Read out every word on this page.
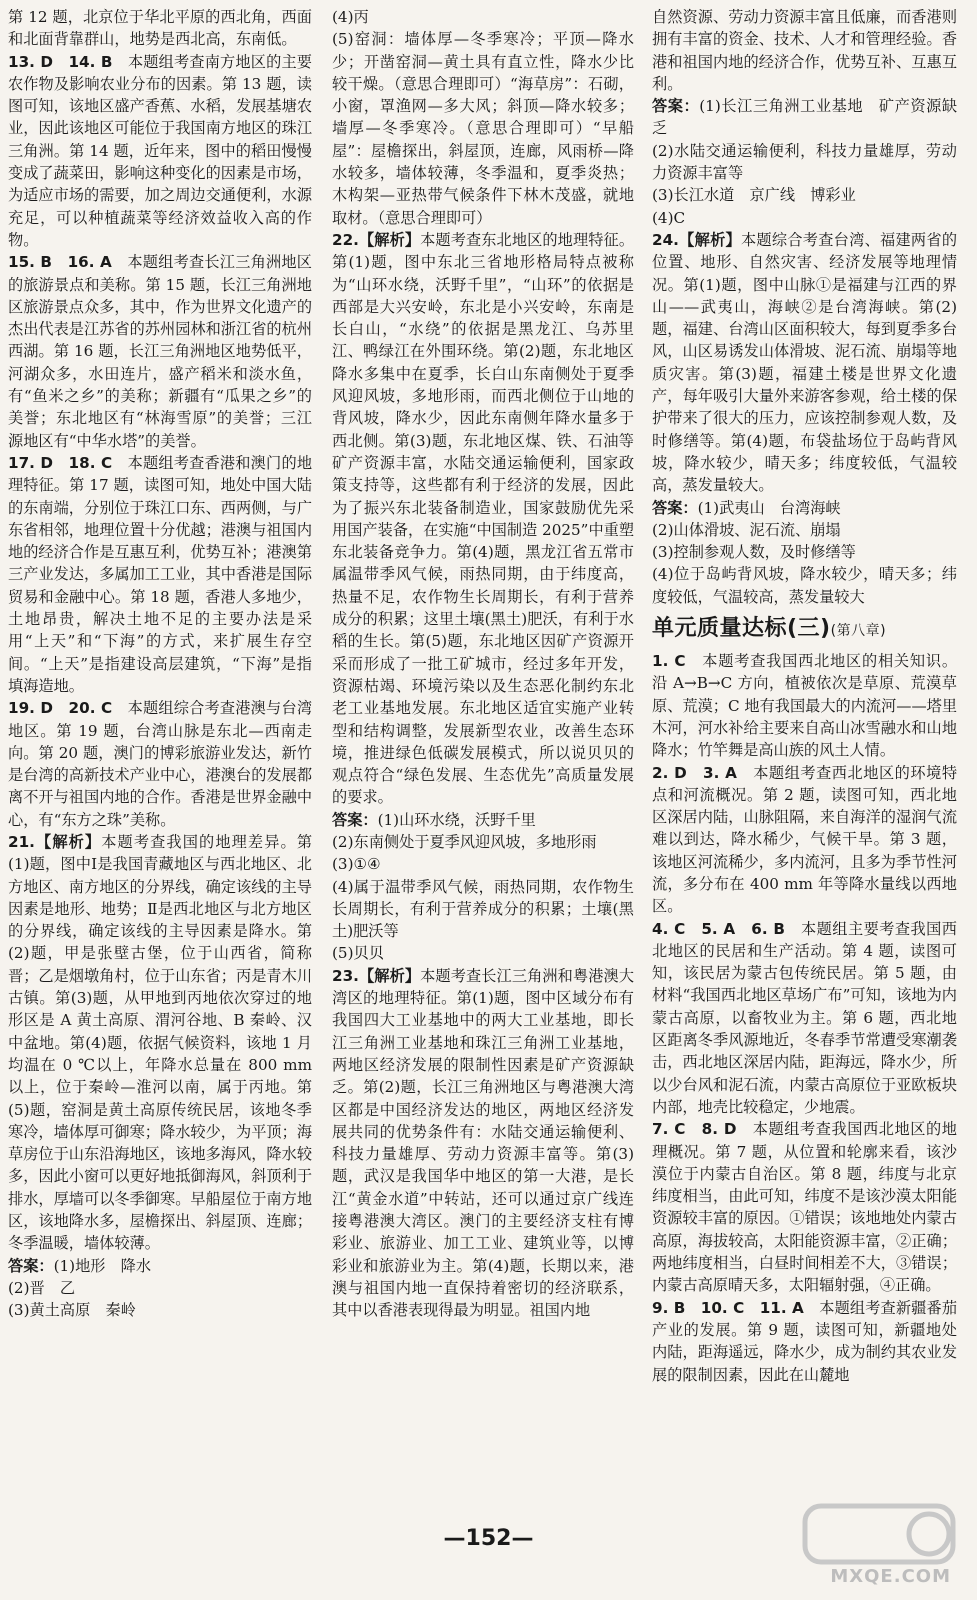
第 12 题，北京位于华北平原的西北角，西面和北面背靠群山，地势是西北高，东南低。

13. D　14. B　本题组考查南方地区的主要农作物及影响农业分布的因素。第 13 题，读图可知，该地区盛产香蕉、水稻，发展基塘农业，因此该地区可能位于我国南方地区的珠江三角洲。第 14 题，近年来，图中的稻田慢慢变成了蔬菜田，影响这种变化的因素是市场，为适应市场的需要，加之周边交通便利，水源充足，可以种植蔬菜等经济效益收入高的作物。

15. B　16. A　本题组考查长江三角洲地区的旅游景点和美称。第 15 题，长江三角洲地区旅游景点众多，其中，作为世界文化遗产的杰出代表是江苏省的苏州园林和浙江省的杭州西湖。第 16 题，长江三角洲地区地势低平，河湖众多，水田连片，盛产稻米和淡水鱼，有“鱼米之乡”的美称；新疆有“瓜果之乡”的美誉；东北地区有“林海雪原”的美誉；三江源地区有“中华水塔”的美誉。

17. D　18. C　本题组考查香港和澳门的地理特征。第 17 题，读图可知，地处中国大陆的东南端，分别位于珠江口东、西两侧，与广东省相邻，地理位置十分优越；港澳与祖国内地的经济合作是互惠互利，优势互补；港澳第三产业发达，多属加工工业，其中香港是国际贸易和金融中心。第 18 题，香港人多地少，土地昂贵，解决土地不足的主要办法是采用“上天”和“下海”的方式，来扩展生存空间。“上天”是指建设高层建筑，“下海”是指填海造地。

19. D　20. C　本题组综合考查港澳与台湾地区。第 19 题，台湾山脉是东北—西南走向。第 20 题，澳门的博彩旅游业发达，新竹是台湾的高新技术产业中心，港澳台的发展都离不开与祖国内地的合作。香港是世界金融中心，有“东方之珠”美称。

21.【解析】本题考查我国的地理差异。第(1)题，图中Ⅰ是我国青藏地区与西北地区、北方地区、南方地区的分界线，确定该线的主导因素是地形、地势；Ⅱ是西北地区与北方地区的分界线，确定该线的主导因素是降水。第(2)题，甲是张壁古堡，位于山西省，简称晋；乙是烟墩角村，位于山东省；丙是青木川古镇。第(3)题，从甲地到丙地依次穿过的地形区是 A 黄土高原、渭河谷地、B 秦岭、汉中盆地。第(4)题，依据气候资料，该地 1 月均温在 0 ℃以上，年降水总量在 800 mm 以上，位于秦岭—淮河以南，属于丙地。第(5)题，窑洞是黄土高原传统民居，该地冬季寒冷，墙体厚可御寒；降水较少，为平顶；海草房位于山东沿海地区，该地多海风，降水较多，因此小窗可以更好地抵御海风，斜顶利于排水，厚墙可以冬季御寒。早船屋位于南方地区，该地降水多，屋檐探出、斜屋顶、连廊；冬季温暖，墙体较薄。

答案：(1)地形　降水

(2)晋　乙

(3)黄土高原　秦岭

(4)丙

(5)窑洞：墙体厚—冬季寒冷；平顶—降水少；开凿窑洞—黄土具有直立性，降水少比较干燥。（意思合理即可）“海草房”：石砌，小窗，罩渔网—多大风；斜顶—降水较多；墙厚—冬季寒冷。（意思合理即可）“早船屋”：屋檐探出，斜屋顶，连廊，风雨桥—降水较多，墙体较薄，冬季温和，夏季炎热；木构架—亚热带气候条件下林木茂盛，就地取材。（意思合理即可）

22.【解析】本题考查东北地区的地理特征。第(1)题，图中东北三省地形格局特点被称为“山环水绕，沃野千里”，“山环”的依据是西部是大兴安岭，东北是小兴安岭，东南是长白山，“水绕”的依据是黑龙江、乌苏里江、鸭绿江在外围环绕。第(2)题，东北地区降水多集中在夏季，长白山东南侧处于夏季风迎风坡，多地形雨，而西北侧位于山地的背风坡，降水少，因此东南侧年降水量多于西北侧。第(3)题，东北地区煤、铁、石油等矿产资源丰富，水陆交通运输便利，国家政策支持等，这些都有利于经济的发展，因此为了振兴东北装备制造业，国家鼓励优先采用国产装备，在实施“中国制造 2025”中重塑东北装备竞争力。第(4)题，黑龙江省五常市属温带季风气候，雨热同期，由于纬度高，热量不足，农作物生长周期长，有利于营养成分的积累；这里土壤(黑土)肥沃，有利于水稻的生长。第(5)题，东北地区因矿产资源开采而形成了一批工矿城市，经过多年开发，资源枯竭、环境污染以及生态恶化制约东北老工业基地发展。东北地区适宜实施产业转型和结构调整，发展新型农业，改善生态环境，推进绿色低碳发展模式，所以说贝贝的观点符合“绿色发展、生态优先”高质量发展的要求。

答案：(1)山环水绕，沃野千里

(2)东南侧处于夏季风迎风坡，多地形雨

(3)①④

(4)属于温带季风气候，雨热同期，农作物生长周期长，有利于营养成分的积累；土壤(黑土)肥沃等

(5)贝贝

23.【解析】本题考查长江三角洲和粤港澳大湾区的地理特征。第(1)题，图中区域分布有我国四大工业基地中的两大工业基地，即长江三角洲工业基地和珠江三角洲工业基地，两地区经济发展的限制性因素是矿产资源缺乏。第(2)题，长江三角洲地区与粤港澳大湾区都是中国经济发达的地区，两地区经济发展共同的优势条件有：水陆交通运输便利、科技力量雄厚、劳动力资源丰富等。第(3)题，武汉是我国华中地区的第一大港，是长江“黄金水道”中转站，还可以通过京广线连接粤港澳大湾区。澳门的主要经济支柱有博彩业、旅游业、加工工业、建筑业等，以博彩业和旅游业为主。第(4)题，长期以来，港澳与祖国内地一直保持着密切的经济联系，其中以香港表现得最为明显。祖国内地

自然资源、劳动力资源丰富且低廉，而香港则拥有丰富的资金、技术、人才和管理经验。香港和祖国内地的经济合作，优势互补、互惠互利。

答案：(1)长江三角洲工业基地　矿产资源缺乏

(2)水陆交通运输便利，科技力量雄厚，劳动力资源丰富等

(3)长江水道　京广线　博彩业

(4)C

24.【解析】本题综合考查台湾、福建两省的位置、地形、自然灾害、经济发展等地理情况。第(1)题，图中山脉①是福建与江西的界山——武夷山，海峡②是台湾海峡。第(2)题，福建、台湾山区面积较大，每到夏季多台风，山区易诱发山体滑坡、泥石流、崩塌等地质灾害。第(3)题，福建土楼是世界文化遗产，每年吸引大量外来游客参观，给土楼的保护带来了很大的压力，应该控制参观人数，及时修缮等。第(4)题，布袋盐场位于岛屿背风坡，降水较少，晴天多；纬度较低，气温较高，蒸发量较大。

答案：(1)武夷山　台湾海峡

(2)山体滑坡、泥石流、崩塌

(3)控制参观人数，及时修缮等

(4)位于岛屿背风坡，降水较少，晴天多；纬度较低，气温较高，蒸发量较大

单元质量达标(三)(第八章)

1. C　本题考查我国西北地区的相关知识。沿 A→B→C 方向，植被依次是草原、荒漠草原、荒漠；C 地有我国最大的内流河——塔里木河，河水补给主要来自高山冰雪融水和山地降水；竹竿舞是高山族的风土人情。

2. D　3. A　本题组考查西北地区的环境特点和河流概况。第 2 题，读图可知，西北地区深居内陆，山脉阻隔，来自海洋的湿润气流难以到达，降水稀少，气候干旱。第 3 题，该地区河流稀少，多内流河，且多为季节性河流，多分布在 400 mm 年等降水量线以西地区。

4. C　5. A　6. B　本题组主要考查我国西北地区的民居和生产活动。第 4 题，读图可知，该民居为蒙古包传统民居。第 5 题，由材料“我国西北地区草场广布”可知，该地为内蒙古高原，以畜牧业为主。第 6 题，西北地区距离冬季风源地近，冬春季节常遭受寒潮袭击，西北地区深居内陆，距海远，降水少，所以少台风和泥石流，内蒙古高原位于亚欧板块内部，地壳比较稳定，少地震。

7. C　8. D　本题组考查我国西北地区的地理概况。第 7 题，从位置和轮廓来看，该沙漠位于内蒙古自治区。第 8 题，纬度与北京纬度相当，由此可知，纬度不是该沙漠太阳能资源较丰富的原因。①错误；该地地处内蒙古高原，海拔较高，太阳能资源丰富，②正确；两地纬度相当，白昼时间相差不大，③错误；内蒙古高原晴天多，太阳辐射强，④正确。

9. B　10. C　11. A　本题组考查新疆番茄产业的发展。第 9 题，读图可知，新疆地处内陆，距海遥远，降水少，成为制约其农业发展的限制因素，因此在山麓地

—152—
MXQE.COM
